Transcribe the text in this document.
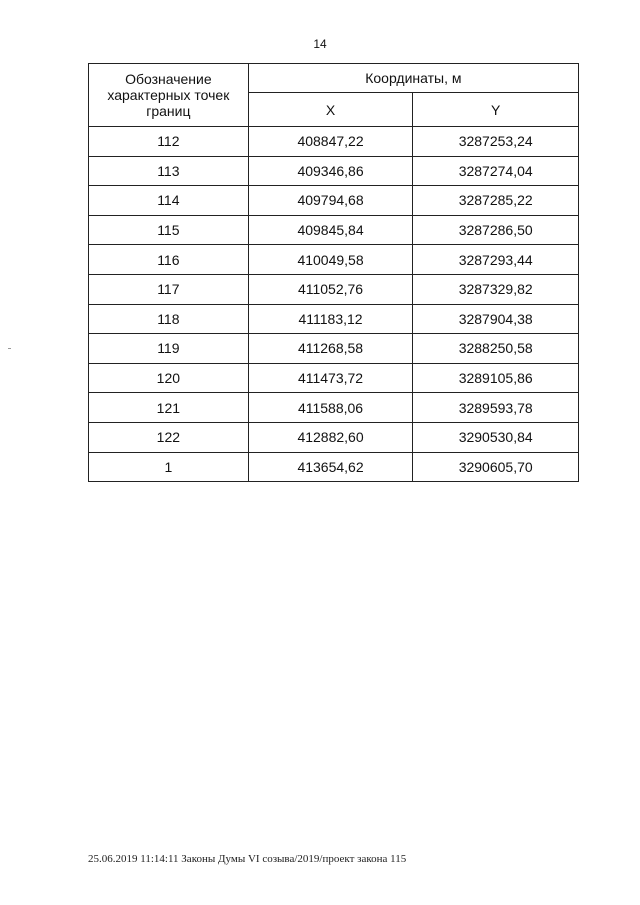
14
Обозначение характерных точек границ	Координаты, м	
	X	Y
112	408847,22	3287253,24
113	409346,86	3287274,04
114	409794,68	3287285,22
115	409845,84	3287286,50
116	410049,58	3287293,44
117	411052,76	3287329,82
118	411183,12	3287904,38
119	411268,58	3288250,58
120	411473,72	3289105,86
121	411588,06	3289593,78
122	412882,60	3290530,84
1	413654,62	3290605,70
25.06.2019 11:14:11 Законы Думы VI созыва/2019/проект закона 115
